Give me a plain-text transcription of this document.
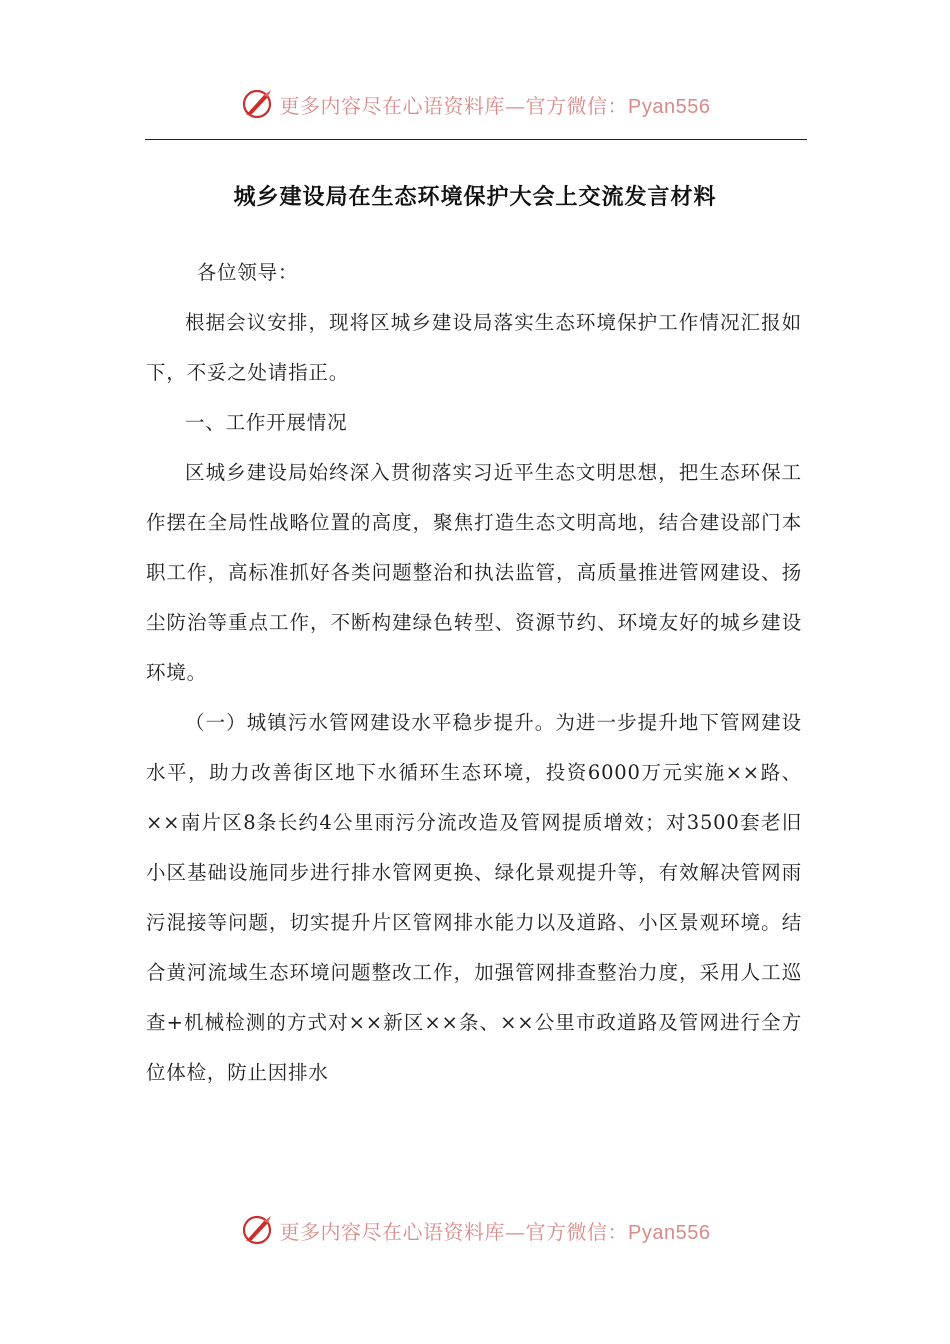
更多内容尽在心语资料库—官方微信：Pyan556
城乡建设局在生态环境保护大会上交流发言材料

各位领导：

根据会议安排，现将区城乡建设局落实生态环境保护工作情况汇报如下，不妥之处请指正。

一、工作开展情况

区城乡建设局始终深入贯彻落实习近平生态文明思想，把生态环保工作摆在全局性战略位置的高度，聚焦打造生态文明高地，结合建设部门本职工作，高标准抓好各类问题整治和执法监管，高质量推进管网建设、扬尘防治等重点工作，不断构建绿色转型、资源节约、环境友好的城乡建设环境。

（一）城镇污水管网建设水平稳步提升。为进一步提升地下管网建设水平，助力改善街区地下水循环生态环境，投资6000万元实施××路、××南片区8条长约4公里雨污分流改造及管网提质增效；对3500套老旧小区基础设施同步进行排水管网更换、绿化景观提升等，有效解决管网雨污混接等问题，切实提升片区管网排水能力以及道路、小区景观环境。结合黄河流域生态环境问题整改工作，加强管网排查整治力度，采用人工巡查+机械检测的方式对××新区××条、××公里市政道路及管网进行全方位体检，防止因排水

更多内容尽在心语资料库—官方微信：Pyan556
